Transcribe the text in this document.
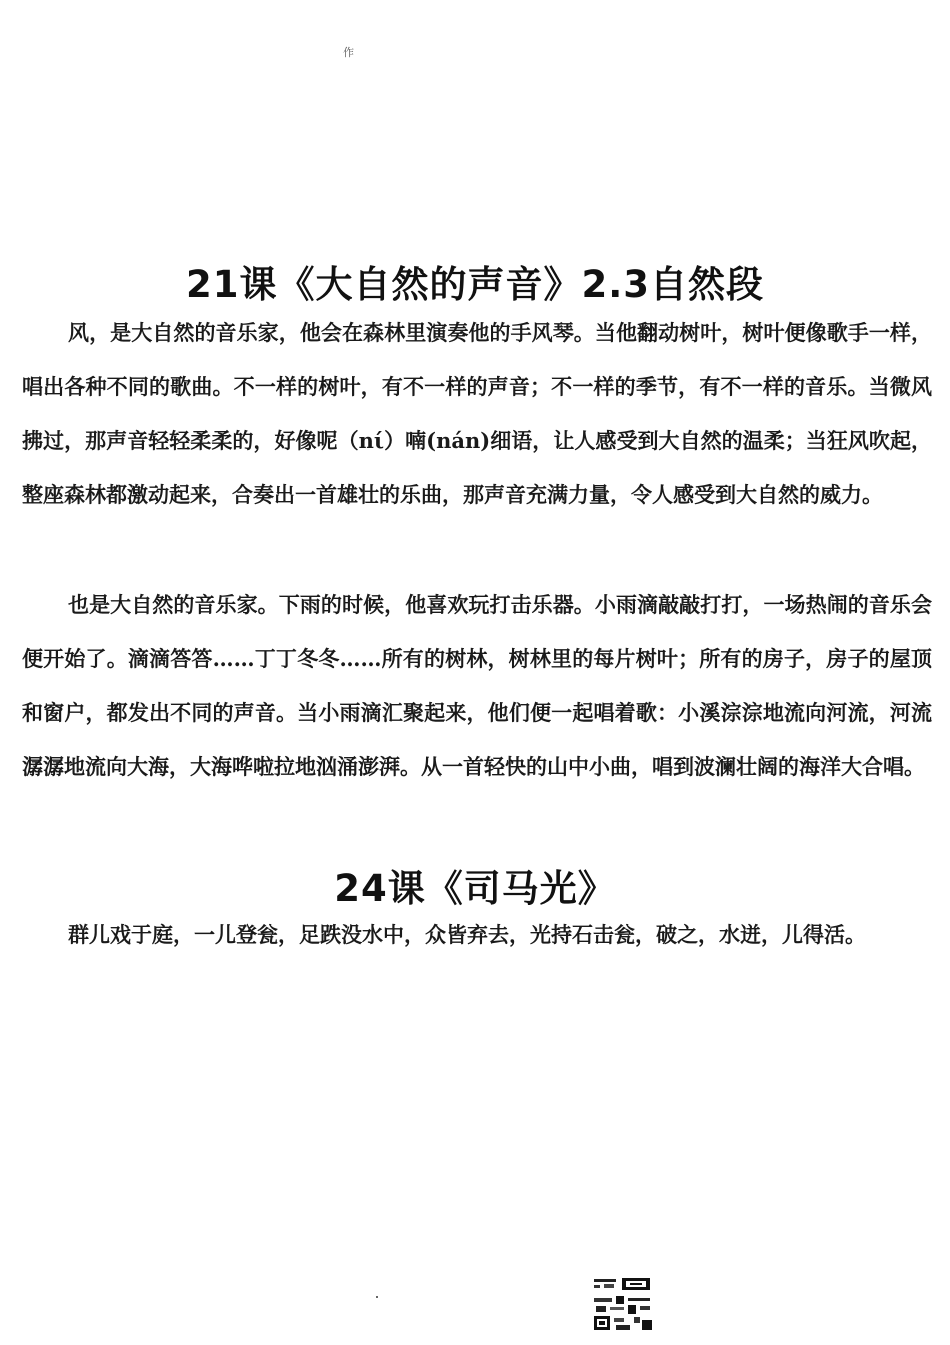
作
21课《大自然的声音》2.3自然段

风，是大自然的音乐家，他会在森林里演奏他的手风琴。当他翻动树叶，树叶便像歌手一样，唱出各种不同的歌曲。不一样的树叶，有不一样的声音；不一样的季节，有不一样的音乐。当微风拂过，那声音轻轻柔柔的，好像呢（nί）喃(nán)细语，让人感受到大自然的温柔；当狂风吹起，整座森林都激动起来，合奏出一首雄壮的乐曲，那声音充满力量，令人感受到大自然的威力。

也是大自然的音乐家。下雨的时候，他喜欢玩打击乐器。小雨滴敲敲打打，一场热闹的音乐会便开始了。滴滴答答……丁丁冬冬……所有的树林，树林里的每片树叶；所有的房子，房子的屋顶和窗户，都发出不同的声音。当小雨滴汇聚起来，他们便一起唱着歌：小溪淙淙地流向河流，河流潺潺地流向大海，大海哗啦拉地汹涌澎湃。从一首轻快的山中小曲，唱到波澜壮阔的海洋大合唱。

24课《司马光》

群儿戏于庭，一儿登瓮，足跌没水中，众皆弃去，光持石击瓮，破之，水迸，儿得活。
